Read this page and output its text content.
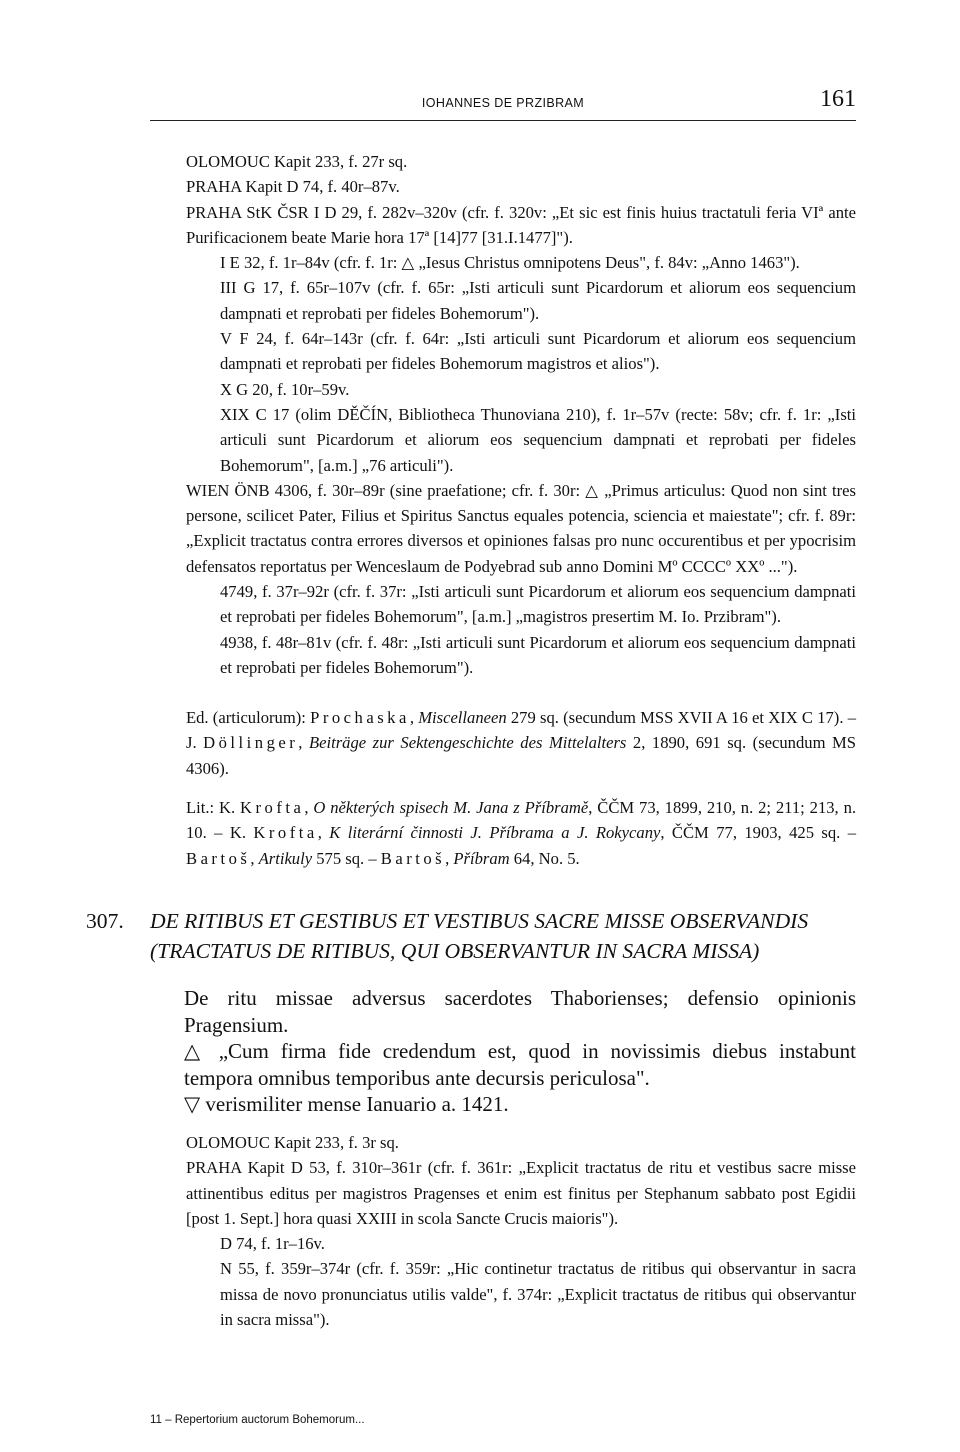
IOHANNES DE PRZIBRAM	161

OLOMOUC Kapit 233, f. 27r sq.

PRAHA Kapit D 74, f. 40r–87v.

PRAHA StK ČSR I D 29, f. 282v–320v (cfr. f. 320v: „Et sic est finis huius tractatuli feria VIª ante Purificacionem beate Marie hora 17ª [14]77 [31.I.1477]").

I E 32, f. 1r–84v (cfr. f. 1r: △ „Iesus Christus omnipotens Deus", f. 84v: „Anno 1463").

III G 17, f. 65r–107v (cfr. f. 65r: „Isti articuli sunt Picardorum et aliorum eos sequencium dampnati et reprobati per fideles Bohemorum").

V F 24, f. 64r–143r (cfr. f. 64r: „Isti articuli sunt Picardorum et aliorum eos sequencium dampnati et reprobati per fideles Bohemorum magistros et alios").

X G 20, f. 10r–59v.

XIX C 17 (olim DĚČÍN, Bibliotheca Thunoviana 210), f. 1r–57v (recte: 58v; cfr. f. 1r: „Isti articuli sunt Picardorum et aliorum eos sequencium dampnati et reprobati per fideles Bohemorum", [a.m.] „76 articuli").

WIEN ÖNB 4306, f. 30r–89r (sine praefatione; cfr. f. 30r: △ „Primus articulus: Quod non sint tres persone, scilicet Pater, Filius et Spiritus Sanctus equales potencia, sciencia et maiestate"; cfr. f. 89r: „Explicit tractatus contra errores diversos et opiniones falsas pro nunc occurentibus et per ypocrisim defensatos reportatus per Wenceslaum de Podyebrad sub anno Domini Mº CCCCº XXº ...").

4749, f. 37r–92r (cfr. f. 37r: „Isti articuli sunt Picardorum et aliorum eos sequencium dampnati et reprobati per fideles Bohemorum", [a.m.] „magistros presertim M. Io. Przibram").

4938, f. 48r–81v (cfr. f. 48r: „Isti articuli sunt Picardorum et aliorum eos sequencium dampnati et reprobati per fideles Bohemorum").

Ed. (articulorum): Prochaska, Miscellaneen 279 sq. (secundum MSS XVII A 16 et XIX C 17). – J. Döllinger, Beiträge zur Sektengeschichte des Mittelalters 2, 1890, 691 sq. (secundum MS 4306).

Lit.: K. Krofta, O některých spisech M. Jana z Příbramě, ČČM 73, 1899, 210, n. 2; 211; 213, n. 10. – K. Krofta, K literární činnosti J. Příbrama a J. Rokycany, ČČM 77, 1903, 425 sq. – Bartoš, Artikuly 575 sq. – Bartoš, Příbram 64, No. 5.

307. DE RITIBUS ET GESTIBUS ET VESTIBUS SACRE MISSE OBSERVANDIS (TRACTATUS DE RITIBUS, QUI OBSERVANTUR IN SACRA MISSA)

De ritu missae adversus sacerdotes Thaborienses; defensio opinionis Pragensium.

△ „Cum firma fide credendum est, quod in novissimis diebus instabunt tempora omnibus temporibus ante decursis periculosa".

▽ verismiliter mense Ianuario a. 1421.

OLOMOUC Kapit 233, f. 3r sq.

PRAHA Kapit D 53, f. 310r–361r (cfr. f. 361r: „Explicit tractatus de ritu et vestibus sacre misse attinentibus editus per magistros Pragenses et enim est finitus per Stephanum sabbato post Egidii [post 1. Sept.] hora quasi XXIII in scola Sancte Crucis maioris").

D 74, f. 1r–16v.

N 55, f. 359r–374r (cfr. f. 359r: „Hic continetur tractatus de ritibus qui observantur in sacra missa de novo pronunciatus utilis valde", f. 374r: „Explicit tractatus de ritibus qui observantur in sacra missa").

11 – Repertorium auctorum Bohemorum...
